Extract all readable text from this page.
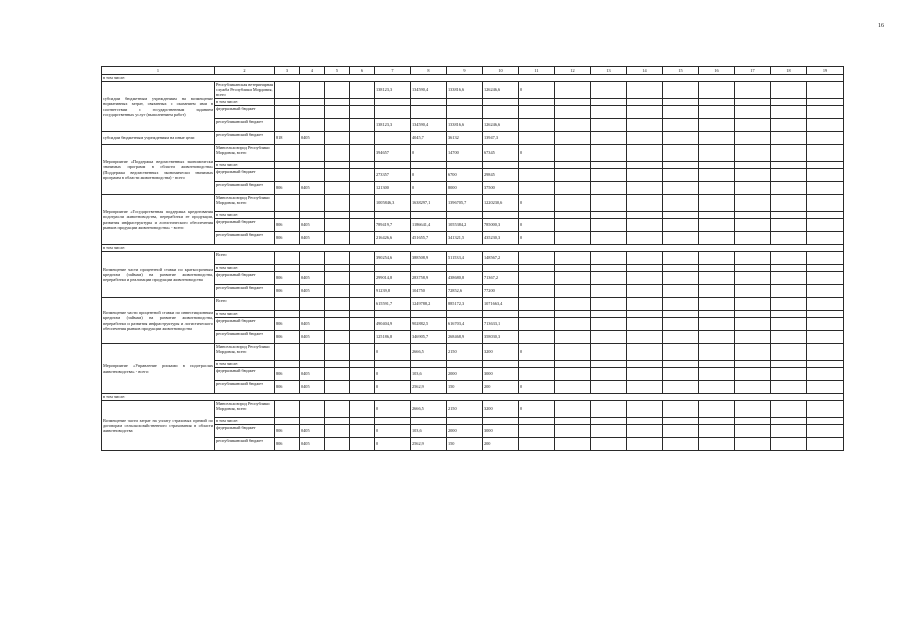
16
1	2	3	4	5	6	7	8	9	10	11	12	13	14	15	16	17	18	19
в том числе:																		
субсидии бюджетным учреждениям на возмещение нормативных затрат, связанных с оказанием ими в соответствии с государственным заданием государственных услуг (выполнением работ)	Республиканская ветеринарная служба Республики Мордовия, всего					138123,3	134590,4	133816,6	126246,6	0								
	в том числе:																	
	федеральный бюджет																	
	республиканский бюджет					138123,3	134590,4	133816,6	126246,6									
субсидии бюджетным учреждениям на иные цели	республиканский бюджет	818	0405				4045,7	36132	13947,3									
Мероприятие «Поддержка ведомственных экономически значимых программ в области животноводства» (Поддержка ведомственных экономически значимых программ в области животноводства) - всего	Минсельхозпрод Республики Мордовия, всего					394657	0	14700	67345	0								
	в том числе:																	
	федеральный бюджет					273357	0	6700	29845									
	республиканский бюджет	806	0405			121300	0	8000	37500									
Мероприятие «Государственная поддержка кредитования подотрасли животноводства, переработки ее продукции, развития инфраструктуры и логистического обеспечения рынков продукции животноводства» - всего:	Минсельхозпрод Республики Мордовия, всего					1005846,3	1638297,1	1396705,7	1220230,6	0								
	в том числе:																	
	федеральный бюджет	806	0405			789419,7	1186641,4	1055384,2	785000,3	0								
	республиканский бюджет	806	0405			216426,6	451655,7	341321,5	435230,3	0								
в том числе:																		
Возмещение части процентной ставки по краткосрочным кредитам (займам) на развитие животноводства, переработки и реализации продукции животноводства	Всего					390254,6	388508,9	511533,4	148567,2									
	в том числе:																	
	федеральный бюджет	806	0405			299014,8	283758,9	438680,8	71367,2									
	республиканский бюджет	806	0405			91239,8	104750	72852,6	77200									
Возмещение части процентной ставки по инвестиционным кредитам (займам) на развитие животноводства, переработки и развития инфраструктуры и логистического обеспечения рынков продукции животноводства	Всего					615591,7	1249788,2	885172,3	1071663,4									
	в том числе:																	
	федеральный бюджет	806	0405			490404,9	902882,5	616703,4	713633,1									
	республиканский бюджет	806	0405			125186,8	346905,7	268468,9	358030,3									
Мероприятие «Управление рисками в подотраслях животноводства» - всего:	Минсельхозпрод Республики Мордовия, всего					0	2666,5	2150	3200	0								
	в том числе:																	
	федеральный бюджет	806	0405			0	103,6	2000	3000									
	республиканский бюджет	806	0405			0	2562,9	150	200	0								
в том числе:																		
Возмещение части затрат на уплату страховых премий по договорам сельскохозяйственного страхования в области животноводства	Минсельхозпрод Республики Мордовия, всего					0	2666,5	2150	3200	0								
	в том числе:																	
	федеральный бюджет	806	0405			0	103,6	2000	3000									
	республиканский бюджет	806	0405			0	2562,9	150	200									
